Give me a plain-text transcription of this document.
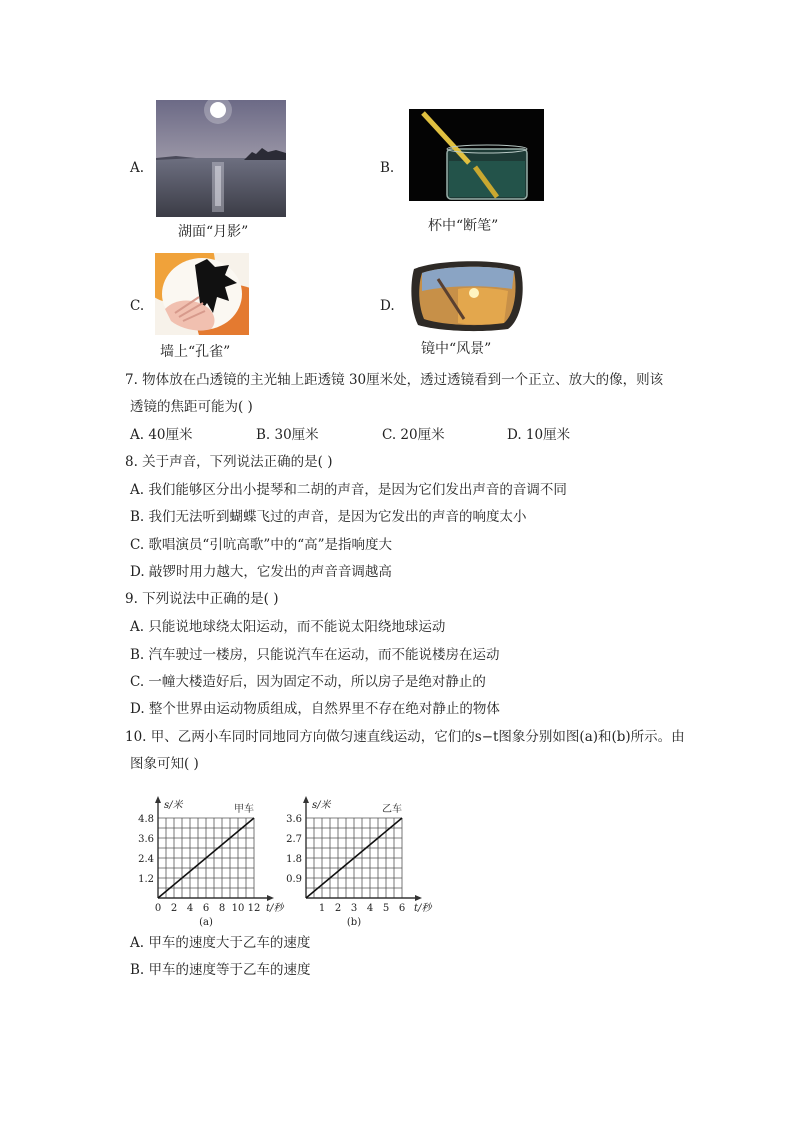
A.
湖面“月影”
B.
杯中“断笔”
C.
墙上“孔雀”
D.
镜中“风景”
7. 物体放在凸透镜的主光轴上距透镜 30厘米处，透过透镜看到一个正立、放大的像，则该
透镜的焦距可能为( )
A. 40厘米	B. 30厘米	C. 20厘米	D. 10厘米
8. 关于声音，下列说法正确的是( )
A. 我们能够区分出小提琴和二胡的声音，是因为它们发出声音的音调不同
B. 我们无法听到蝴蝶飞过的声音，是因为它发出的声音的响度太小
C. 歌唱演员“引吭高歌”中的“高”是指响度大
D. 敲锣时用力越大，它发出的声音音调越高
9. 下列说法中正确的是( )
A. 只能说地球绕太阳运动，而不能说太阳绕地球运动
B. 汽车驶过一楼房，只能说汽车在运动，而不能说楼房在运动
C. 一幢大楼造好后，因为固定不动，所以房子是绝对静止的
D. 整个世界由运动物质组成，自然界里不存在绝对静止的物体
10. 甲、乙两小车同时同地同方向做匀速直线运动，它们的s−t图象分别如图(a)和(b)所示。由
图象可知( )
1.2
2.4
3.6
4.8
0 2 4 6 8 10 12
s/米
t/秒
甲车
(a)
0.9
1.8
2.7
3.6
1 2 3 4 5 6
s/米
t/秒
乙车
(b)
A. 甲车的速度大于乙车的速度
B. 甲车的速度等于乙车的速度
